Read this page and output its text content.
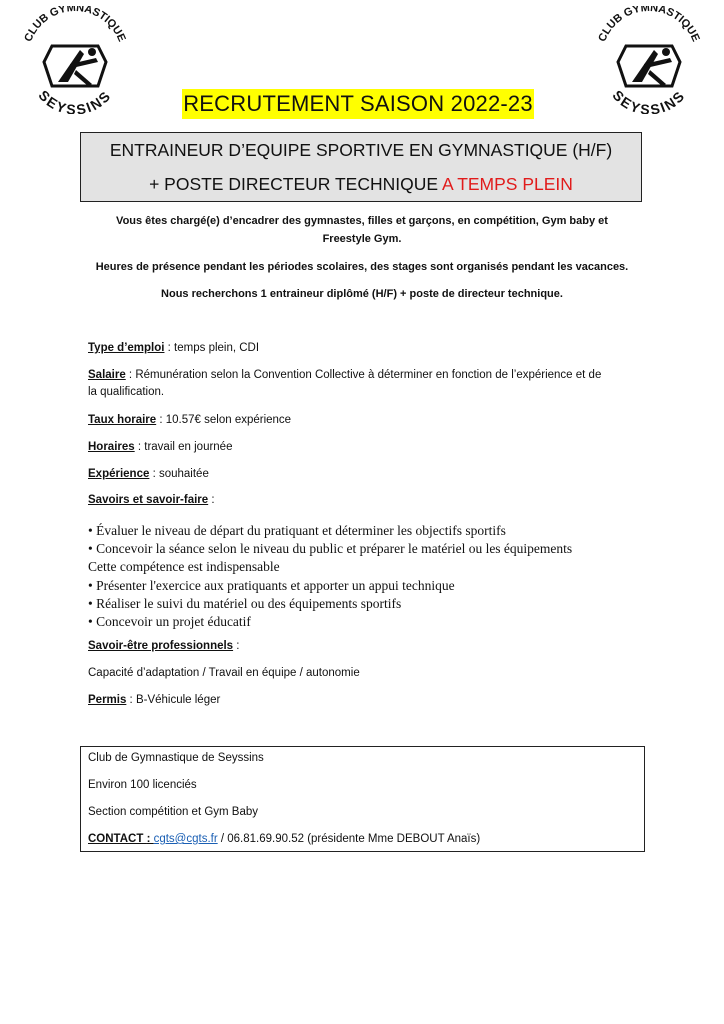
CLUB GYMNASTIQUE
SEYSSINS
CLUB GYMNASTIQUE
SEYSSINS
RECRUTEMENT SAISON 2022-23
ENTRAINEUR D’EQUIPE SPORTIVE EN GYMNASTIQUE (H/F)
+ POSTE DIRECTEUR TECHNIQUE A TEMPS PLEIN
Vous êtes chargé(e) d’encadrer des gymnastes, filles et garçons, en compétition, Gym baby et
Freestyle Gym.
Heures de présence pendant les périodes scolaires, des stages sont organisés pendant les vacances.
Nous recherchons 1 entraineur diplômé (H/F) + poste de directeur technique.
Type d’emploi : temps plein, CDI
Salaire : Rémunération selon la Convention Collective à déterminer en fonction de l’expérience et de
la qualification.
Taux horaire : 10.57€ selon expérience
Horaires : travail en journée
Expérience : souhaitée
Savoirs et savoir-faire :
• Évaluer le niveau de départ du pratiquant et déterminer les objectifs sportifs
• Concevoir la séance selon le niveau du public et préparer le matériel ou les équipements
Cette compétence est indispensable
• Présenter l'exercice aux pratiquants et apporter un appui technique
• Réaliser le suivi du matériel ou des équipements sportifs
• Concevoir un projet éducatif
Savoir-être professionnels :
Capacité d’adaptation / Travail en équipe / autonomie
Permis : B-Véhicule léger
Club de Gymnastique de Seyssins
Environ 100 licenciés
Section compétition et Gym Baby
CONTACT : cgts@cgts.fr / 06.81.69.90.52 (présidente Mme DEBOUT Anaïs)
